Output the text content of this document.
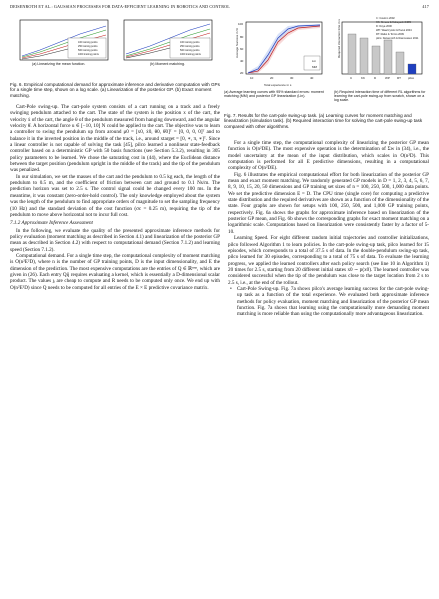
DEISENROTH ET AL.: GAUSSIAN PROCESSES FOR DATA-EFFICIENT LEARNING IN ROBOTICS AND CONTROL	417
100 training points
250 training points
500 training points
1000 training points
100 training points
250 training points
500 training points
1000 training points
(a) Linearizing the mean function.	(b) Moment matching.
Fig. 6. Empirical computational demand for approximate inference and derivative computation with GPs for a single time step, shown on a log scale. (a) Linearization of the posterior GP. (b) Exact moment matching.
Average Success in %
Total experience in s
10	20	30	40
100
80
60
40
20
Lin
MM
Required interaction time in s
C	KK	D	WP RT pilco
C: Coulom 2002
KK: Kimura & Kobayashi 1999
D: Doya 2000
WP: Wawrzynski & Pacut 2004
RT: Raiko & Tornio 2009
pilco: Deisenroth & Rasmussen 2011
(a) Average learning curves with 95% standard errors: moment matching (MM) and posterior GP linearization (Lin).
(b) Required interaction time of different RL algorithms for learning the cart-pole swing-up from scratch, shown on a log scale.
Fig. 7. Results for the cart-pole swing-up task. (a) Learning curves for moment matching and linearization (simulation task). (b) Required interaction time for solving the cart-pole swing-up task compared with other algorithms.

Cart-Pole swing-up. The cart-pole system consists of a cart running on a track and a freely swinging pendulum attached to the cart. The state of the system is the position x of the cart, the velocity ẋ of the cart, the angle θ of the pendulum measured from hanging downward, and the angular velocity θ̇. A horizontal force u ∈ [−10, 10] N could be applied to the cart. The objective was to learn a controller to swing the pendulum up from around μ0 = [x0, ẋ0, θ0, θ̇0]ᵀ = [0, 0, 0, 0]ᵀ and to balance it in the inverted position in the middle of the track, i.e., around xtarget = [0, ∗, π, ∗]ᵀ. Since a linear controller is not capable of solving the task [45], pilco learned a nonlinear state-feedback controller based on a deterministic GP with 50 basis functions (see Section 5.3.2), resulting in 305 policy parameters to be learned. We chose the saturating cost in (44), where the Euclidean distance between the target position (pendulum upright in the middle of the track) and the tip of the pendulum was penalized.

In our simulation, we set the masses of the cart and the pendulum to 0.5 kg each, the length of the pendulum to 0.5 m, and the coefficient of friction between cart and ground to 0.1 Ns/m. The prediction horizon was set to 2.5 s. The control signal could be changed every 100 ms. In the meantime, it was constant (zero-order-hold control). The only knowledge employed about the system was the length of the pendulum to find appropriate orders of magnitude to set the sampling frequency (10 Hz) and the standard deviation of the cost function (σc = 0.25 m), requiring the tip of the pendulum to move above horizontal not to incur full cost.

7.1.2 Approximate Inference Assessment

In the following, we evaluate the quality of the presented approximate inference methods for policy evaluation (moment matching as described in Section 4.1) and linearization of the posterior GP mean as described in Section 4.2) with respect to computational demand (Section 7.1.2) and learning speed (Section 7.1.2).

Computational demand. For a single time step, the computational complexity of moment matching is O(n²E²D), where n is the number of GP training points, D is the input dimensionality, and E the dimension of the prediction. The most expensive computations are the entries of Q ∈ ℝⁿˣⁿ, which are given in (26). Each entry Qij requires evaluating a kernel, which is essentially a D-dimensional scalar product. The values ȷᵢ are cheap to compute and R needs to be computed only once. We end up with O(n²E²D) since Q needs to be computed for all entries of the E × E predictive covariance matrix.

For a single time step, the computational complexity of linearizing the posterior GP mean function is O(n²DE). The most expensive operation is the determination of Σw in (34), i.e., the model uncertainty at the mean of the input distribution, which scales in O(n²D). This computation is performed for all E predictive dimensions, resulting in a computational complexity of O(n²DE).

Fig. 6 illustrates the empirical computational effort for both linearization of the posterior GP mean and exact moment matching. We randomly generated GP models in D = 1, 2, 3, 4, 5, 6, 7, 8, 9, 10, 15, 20, 50 dimensions and GP training set sizes of n = 100, 250, 500, 1,000 data points. We set the predictive dimension E = D. The CPU time (single core) for computing a predictive state distribution and the required derivatives are shown as a function of the dimensionality of the state. Four graphs are shown for setups with 100, 250, 500, and 1,000 GP training points, respectively. Fig. 6a shows the graphs for approximate inference based on linearization of the posterior GP mean, and Fig. 6b shows the corresponding graphs for exact moment matching on a logarithmic scale. Computations based on linearization were consistently faster by a factor of 5-10.

Learning Speed. For eight different random initial trajectories and controller initializations, pilco followed Algorithm 1 to learn policies. In the cart-pole swing-up task, pilco learned for 15 episodes, which corresponds to a total of 37.5 s of data. In the double-pendulum swing-up task, pilco learned for 30 episodes, corresponding to a total of 75 s of data. To evaluate the learning progress, we applied the learned controllers after each policy search (see line 10 in Algorithm 1) 20 times for 2.5 s, starting from 20 different initial states x0 ∼ p(x0). The learned controller was considered successful when the tip of the pendulum was close to the target location from 2 s to 2.5 s, i.e., at the end of the rollout.

• Cart-Pole Swing-up. Fig. 7a shows pilco's average learning success for the cart-pole swing-up task as a function of the total experience. We evaluated both approximate inference methods for policy evaluation, moment matching and linearization of the posterior GP mean function. Fig. 7a shows that learning using the computationally more demanding moment matching is more reliable than using the computationally more advantageous linearization.
